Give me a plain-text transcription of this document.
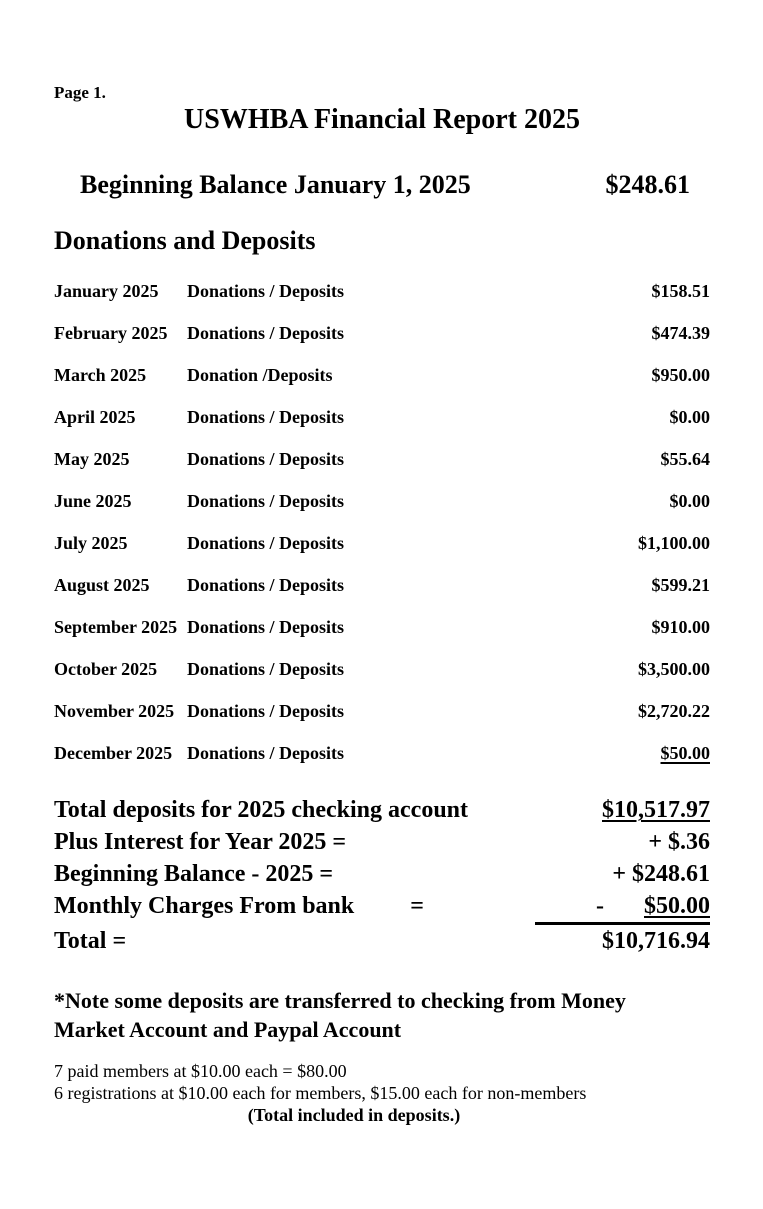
Page 1.
USWHBA Financial Report 2025
Beginning Balance January 1, 2025	$248.61
Donations and Deposits
January 2025	Donations / Deposits	$158.51
February 2025	Donations / Deposits	$474.39
March 2025	Donation /Deposits	$950.00
April 2025	Donations / Deposits	$0.00
May 2025	Donations / Deposits	$55.64
June 2025	Donations / Deposits	$0.00
July 2025	Donations / Deposits	$1,100.00
August 2025	Donations / Deposits	$599.21
September 2025 Donations / Deposits	$910.00
October 2025	Donations / Deposits	$3,500.00
November 2025 Donations / Deposits	$2,720.22
December 2025 Donations / Deposits	$50.00
Total deposits for 2025 checking account	$10,517.97
Plus Interest for Year 2025 =	+ $.36
Beginning Balance - 2025 =	+ $248.61
Monthly Charges From bank =	- $50.00
Total =	$10,716.94
*Note some deposits are transferred to checking from Money
Market Account and Paypal Account
7 paid members at $10.00 each = $80.00
6 registrations at $10.00 each for members, $15.00 each for non-members
(Total included in deposits.)
